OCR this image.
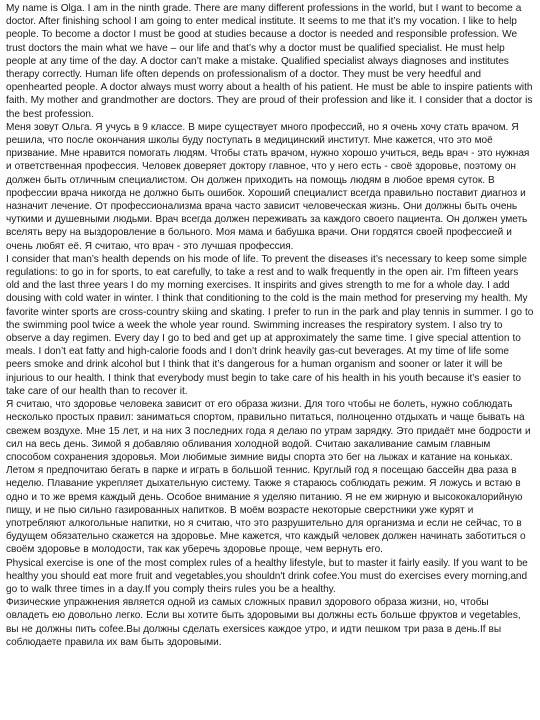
My name is Olga. I am in the ninth grade. There are many different professions in the world, but I want to become a doctor. After finishing school I am going to enter medical institute. It seems to me that it’s my vocation. I like to help people. To become a doctor I must be good at studies because a doctor is needed and responsible profession. We trust doctors the main what we have – our life and that’s why a doctor must be qualified specialist. He must help people at any time of the day. A doctor can’t make a mistake. Qualified specialist always diagnoses and institutes therapy correctly. Human life often depends on professionalism of a doctor. They must be very heedful and openhearted people. A doctor always must worry about a health of his patient. He must be able to inspire patients with faith. My mother and grandmother are doctors. They are proud of their profession and like it. I consider that a doctor is the best profession.

Меня зовут Ольга. Я учусь в 9 классе. В мире существует много профессий, но я очень хочу стать врачом. Я решила, что после окончания школы буду поступать в медицинский институт. Мне кажется, что это моё призвание. Мне нравится помогать людям. Чтобы стать врачом, нужно хорошо учиться, ведь врач - это нужная и ответственная профессия. Человек доверяет доктору главное, что у него есть - своё здоровье, поэтому он должен быть отличным специалистом. Он должен приходить на помощь людям в любое время суток. В профессии врача никогда не должно быть ошибок. Хороший специалист всегда правильно поставит диагноз и назначит лечение. От профессионализма врача часто зависит человеческая жизнь. Они должны быть очень чуткими и душевными людьми. Врач всегда должен переживать за каждого своего пациента. Он должен уметь вселять веру на выздоровление в больного. Моя мама и бабушка врачи. Они гордятся своей профессией и очень любят её. Я считаю, что врач - это лучшая профессия.

I consider that man’s health depends on his mode of life. To prevent the diseases it’s necessary to keep some simple regulations: to go in for sports, to eat carefully, to take a rest and to walk frequently in the open air. I’m fifteen years old and the last three years I do my morning exercises. It inspirits and gives strength to me for a whole day. I add dousing with cold water in winter. I think that conditioning to the cold is the main method for preserving my health. My favorite winter sports are cross-country skiing and skating. I prefer to run in the park and play tennis in summer. I go to the swimming pool twice a week the whole year round. Swimming increases the respiratory system. I also try to observe a day regimen. Every day I go to bed and get up at approximately the same time. I give special attention to meals. I don’t eat fatty and high-calorie foods and I don’t drink heavily gas-cut beverages. At my time of life some peers smoke and drink alcohol but I think that it’s dangerous for a human organism and sooner or later it will be injurious to our health. I think that everybody must begin to take care of his health in his youth because it’s easier to take care of our health than to recover it.

Я считаю, что здоровье человека зависит от его образа жизни. Для того чтобы не болеть, нужно соблюдать несколько простых правил: заниматься спортом, правильно питаться, полноценно отдыхать и чаще бывать на свежем воздухе. Мне 15 лет, и на них 3 последних года я делаю по утрам зарядку. Это придаёт мне бодрости и сил на весь день. Зимой я добавляю обливания холодной водой. Считаю закаливание самым главным способом сохранения здоровья. Мои любимые зимние виды спорта это бег на лыжах и катание на коньках. Летом я предпочитаю бегать в парке и играть в большой теннис. Круглый год я посещаю бассейн два раза в неделю. Плавание укрепляет дыхательную систему. Также я стараюсь соблюдать режим. Я ложусь и встаю в одно и то же время каждый день. Особое внимание я уделяю питанию. Я не ем жирную и высококалорийную пищу, и не пью сильно газированных напитков. В моём возрасте некоторые сверстники уже курят и употребляют алкогольные напитки, но я считаю, что это разрушительно для организма и если не сейчас, то в будущем обязательно скажется на здоровье. Мне кажется, что каждый человек должен начинать заботиться о своём здоровье в молодости, так как уберечь здоровье проще, чем вернуть его.

Physical exercise is one of the most complex rules of a healthy lifestyle, but to master it fairly easily. If you want to be healthy you should eat more fruit and vegetables,you shouldn't drink cofee.You must do exercises every morning,and go to walk three times in a day.If you comply theirs rules you be a healthy.

Физические упражнения является одной из самых сложных правил здорового образа жизни, но, чтобы овладеть ею довольно легко. Если вы хотите быть здоровыми вы должны есть больше фруктов и vegetables, вы не должны пить cofee.Вы должны сделать exersices каждое утро, и идти пешком три раза в день.If вы соблюдаете правила их вам быть здоровыми.
